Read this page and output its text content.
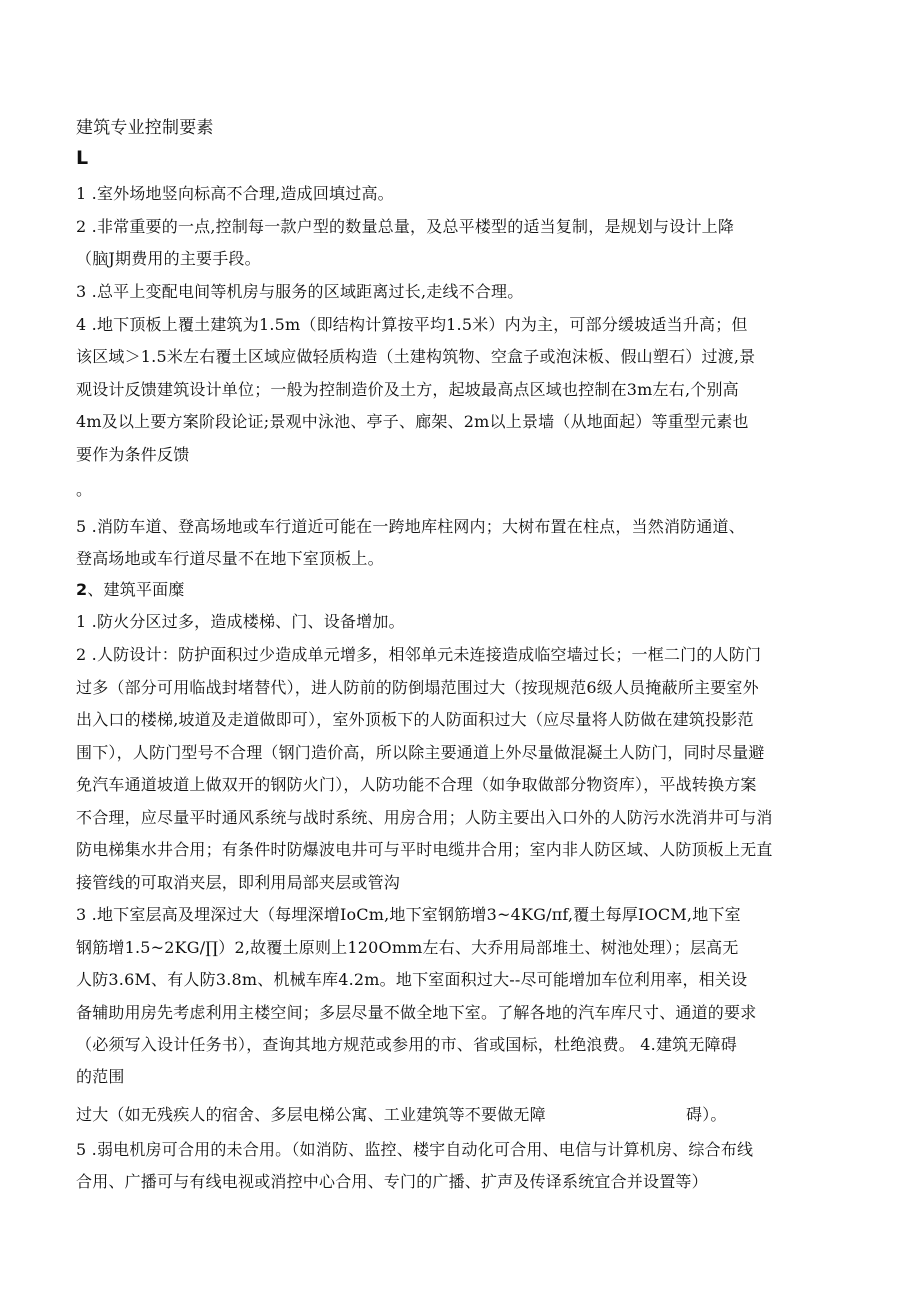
建筑专业控制要素
L
1 .室外场地竖向标高不合理,造成回填过高。
2 .非常重要的一点,控制每一款户型的数量总量，及总平楼型的适当复制，是规划与设计上降
（脑J期费用的主要手段。
3 .总平上变配电间等机房与服务的区域距离过长,走线不合理。
4 .地下顶板上覆土建筑为1.5m（即结构计算按平均1.5米）内为主，可部分缓坡适当升高；但
该区域＞1.5米左右覆土区域应做轻质构造（土建构筑物、空盒子或泡沫板、假山塑石）过渡,景
观设计反馈建筑设计单位；一般为控制造价及土方，起坡最高点区域也控制在3m左右,个别高
4m及以上要方案阶段论证;景观中泳池、亭子、廊架、2m以上景墙（从地面起）等重型元素也
要作为条件反馈
。
5 .消防车道、登高场地或车行道近可能在一跨地库柱网内；大树布置在柱点，当然消防通道、
登高场地或车行道尽量不在地下室顶板上。
2、建筑平面糜
1 .防火分区过多，造成楼梯、门、设备增加。
2 .人防设计：防护面积过少造成单元增多，相邻单元未连接造成临空墙过长；一框二门的人防门
过多（部分可用临战封堵替代），进人防前的防倒塌范围过大（按现规范6级人员掩蔽所主要室外
出入口的楼梯,坡道及走道做即可），室外顶板下的人防面积过大（应尽量将人防做在建筑投影范
围下），人防门型号不合理（钢门造价高，所以除主要通道上外尽量做混凝土人防门，同时尽量避
免汽车通道坡道上做双开的钢防火门），人防功能不合理（如争取做部分物资库），平战转换方案
不合理，应尽量平时通风系统与战时系统、用房合用；人防主要出入口外的人防污水洗消井可与消
防电梯集水井合用；有条件时防爆波电井可与平时电缆井合用；室内非人防区域、人防顶板上无直
接管线的可取消夹层，即利用局部夹层或管沟
3 .地下室层高及埋深过大（每埋深增IoCm,地下室钢筋增3~4KG∕πf,覆土每厚IOCM,地下室
钢筋增1.5~2KG∕∏）2,故覆土原则上120Omm左右、大乔用局部堆土、树池处理）；层高无
人防3.6M、有人防3.8m、机械车库4.2m。地下室面积过大--尽可能增加车位利用率，相关设
备辅助用房先考虑利用主楼空间；多层尽量不做全地下室。了解各地的汽车库尺寸、通道的要求
（必须写入设计任务书），查询其地方规范或参用的市、省或国标，杜绝浪费。 4.建筑无障碍
的范围
过大（如无残疾人的宿舍、多层电梯公寓、工业建筑等不要做无障	碍）。
5 .弱电机房可合用的未合用。（如消防、监控、楼宇自动化可合用、电信与计算机房、综合布线
合用、广播可与有线电视或消控中心合用、专门的广播、扩声及传译系统宜合并设置等）
